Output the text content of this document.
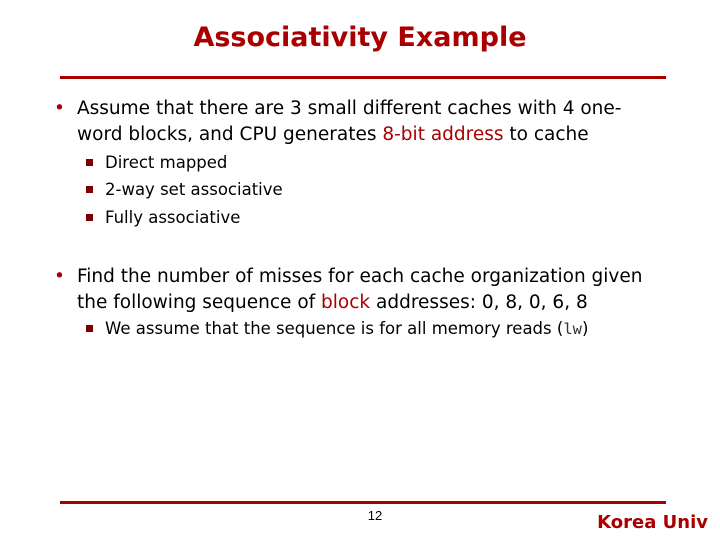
Associativity Example
• Assume that there are 3 small different caches with 4 one-
word blocks, and CPU generates 8-bit address to cache
Direct mapped
2-way set associative
Fully associative
• Find the number of misses for each cache organization given
the following sequence of block addresses: 0, 8, 0, 6, 8
We assume that the sequence is for all memory reads (lw)
12	Korea Univ
